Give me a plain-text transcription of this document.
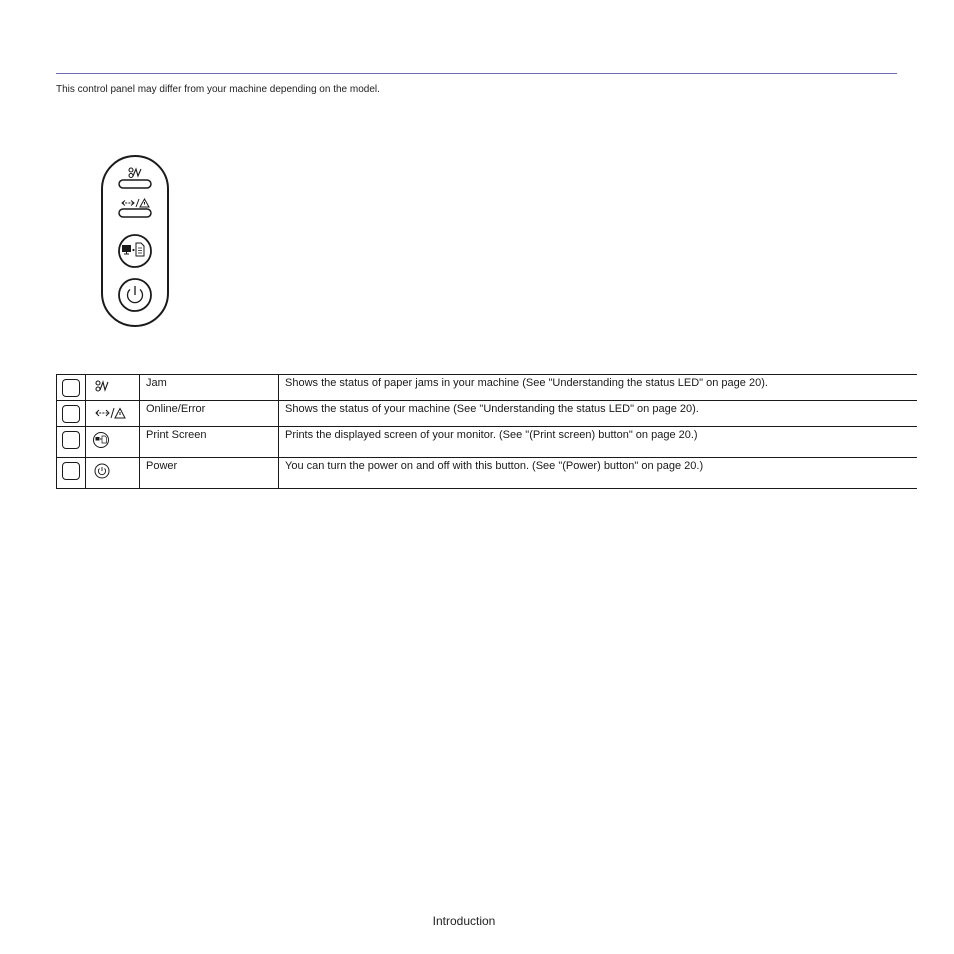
This control panel may differ from your machine depending on the model.

	Jam	Shows the status of paper jams in your machine (See "Understanding the status LED" on page 20).

	Online/Error	Shows the status of your machine (See "Understanding the status LED" on page 20).

	Print Screen	Prints the displayed screen of your monitor. (See "(Print screen) button" on page 20.)

	Power	You can turn the power on and off with this button. (See "(Power) button" on page 20.)
Introduction
